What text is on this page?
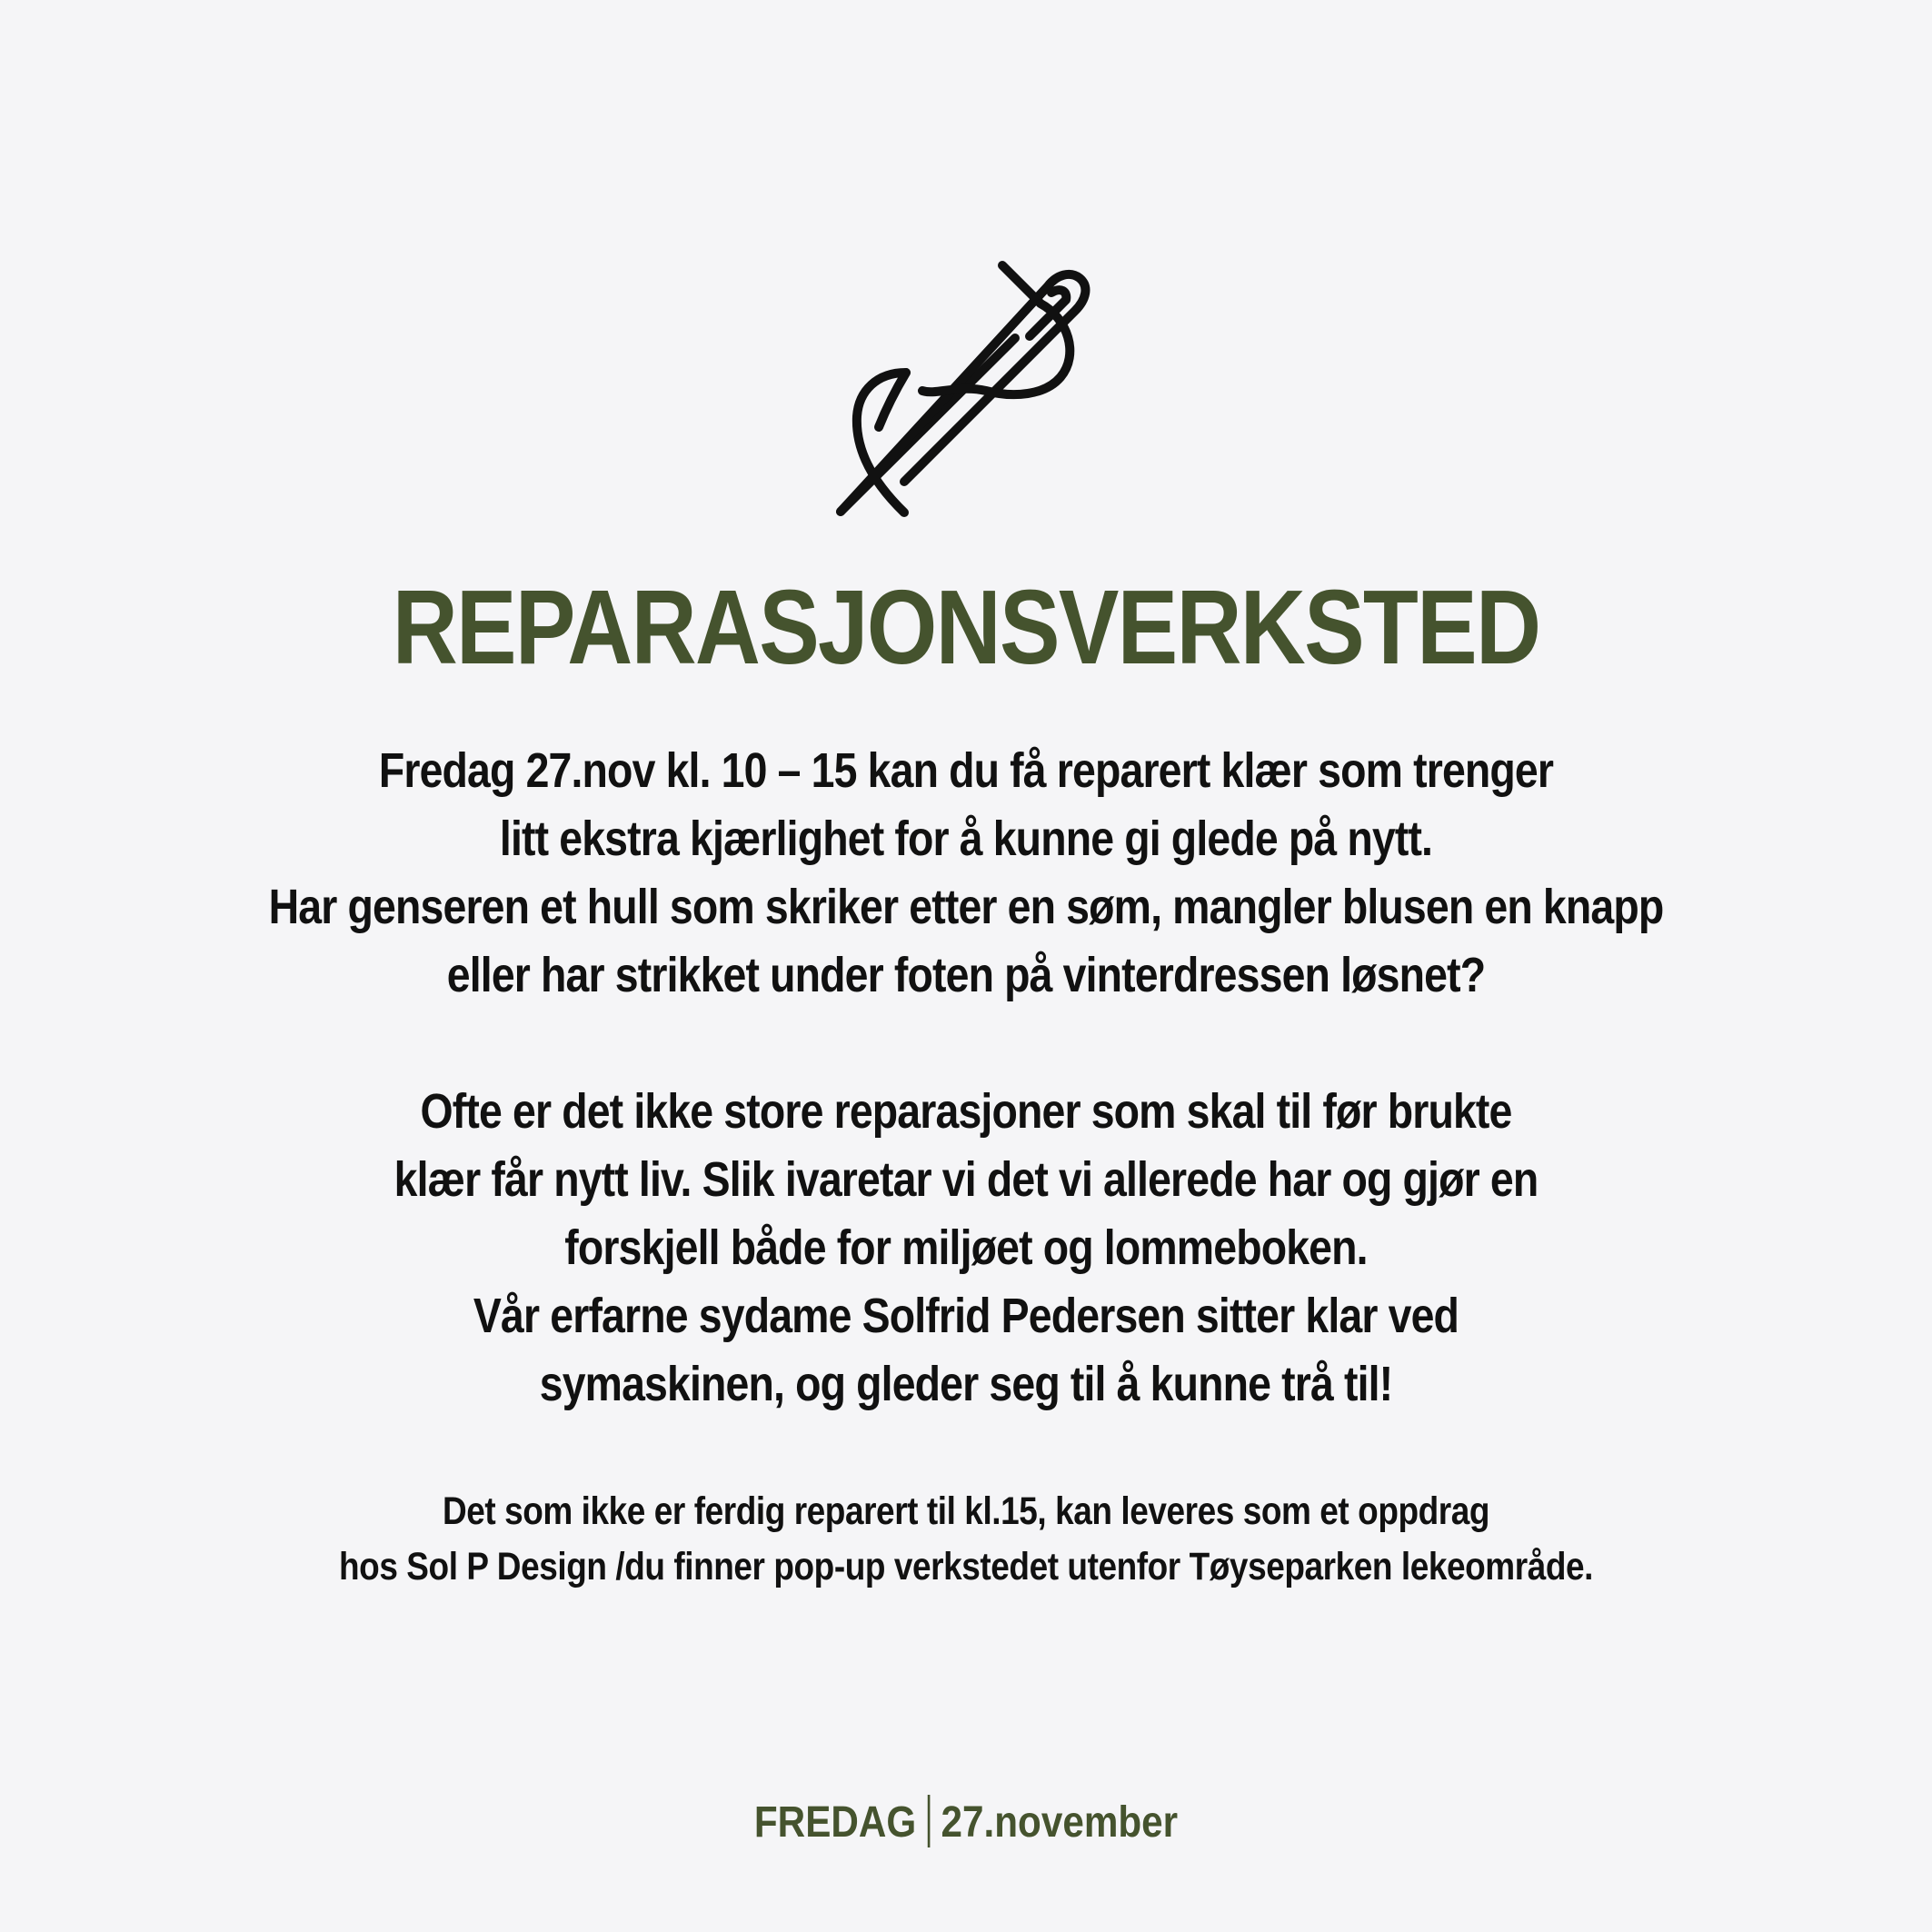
REPARASJONSVERKSTED
Fredag 27.nov kl. 10 – 15 kan du få reparert klær som trenger
litt ekstra kjærlighet for å kunne gi glede på nytt.
Har genseren et hull som skriker etter en søm, mangler blusen en knapp
eller har strikket under foten på vinterdressen løsnet?
Ofte er det ikke store reparasjoner som skal til før brukte
klær får nytt liv. Slik ivaretar vi det vi allerede har og gjør en
forskjell både for miljøet og lommeboken.
Vår erfarne sydame Solfrid Pedersen sitter klar ved
symaskinen, og gleder seg til å kunne trå til!
Det som ikke er ferdig reparert til kl.15, kan leveres som et oppdrag
hos Sol P Design /du finner pop-up verkstedet utenfor Tøyseparken lekeområde.
FREDAG 27.november
